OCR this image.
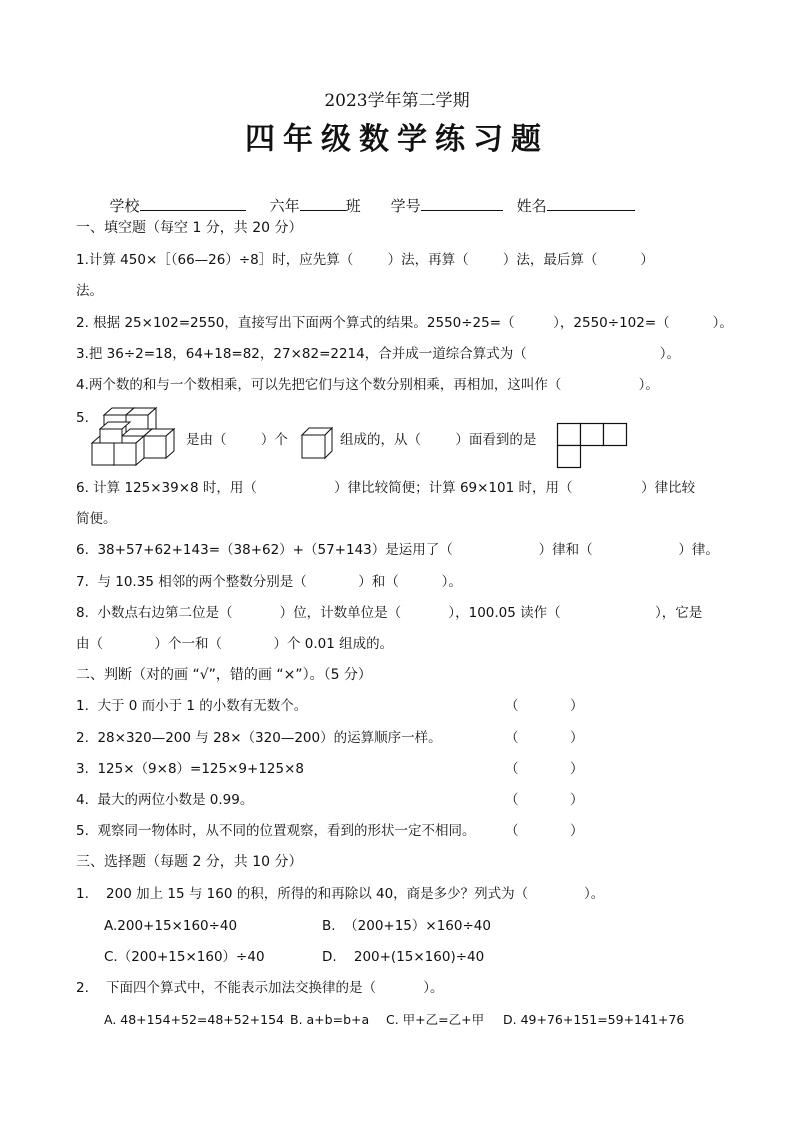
2023学年第二学期
四年级数学练习题

学校	六年	班 学号	姓名

一、填空题（每空 1 分，共 20 分）
1.计算 450×［（66—26）÷8］时，应先算（        ）法，再算（        ）法，最后算（          ）
法。
2. 根据 25×102=2550，直接写出下面两个算式的结果。2550÷25=（         ），2550÷102=（          ）。
3.把 36÷2=18，64+18=82，27×82=2214，合并成一道综合算式为（                               ）。
4.两个数的和与一个数相乘，可以先把它们与这个数分别相乘，再相加，这叫作（                  ）。
5.
是由（        ）个	组成的，从（        ）面看到的是
6. 计算 125×39×8 时，用（                  ）律比较简便；计算 69×101 时，用（                ）律比较
简便。
6.  38+57+62+143=（38+62）+（57+143）是运用了（                    ）律和（                    ）律。
7.  与 10.35 相邻的两个整数分别是（            ）和（          ）。
8.  小数点右边第二位是（           ）位，计数单位是（           ），100.05 读作（                      ），它是
由（            ）个一和（            ）个 0.01 组成的。
二、判断（对的画 “√”，错的画 “×”）。（5 分）
1.  大于 0 而小于 1 的小数有无数个。	（            ）
2.  28×320—200 与 28×（320—200）的运算顺序一样。	（            ）
3.  125×（9×8）=125×9+125×8	（            ）
4.  最大的两位小数是 0.99。	（            ）
5.  观察同一物体时，从不同的位置观察，看到的形状一定不相同。	（            ）
三、选择题（每题 2 分，共 10 分）
1.    200 加上 15 与 160 的积，所得的和再除以 40，商是多少？列式为（             ）。
A.200+15×160÷40	B.  （200+15）×160÷40
C.（200+15×160）÷40	D.    200+(15×160)÷40
2.    下面四个算式中，不能表示加法交换律的是（           ）。
A. 48+154+52=48+52+154 B. a+b=b+a	C. 甲+乙=乙+甲	D. 49+76+151=59+141+76
